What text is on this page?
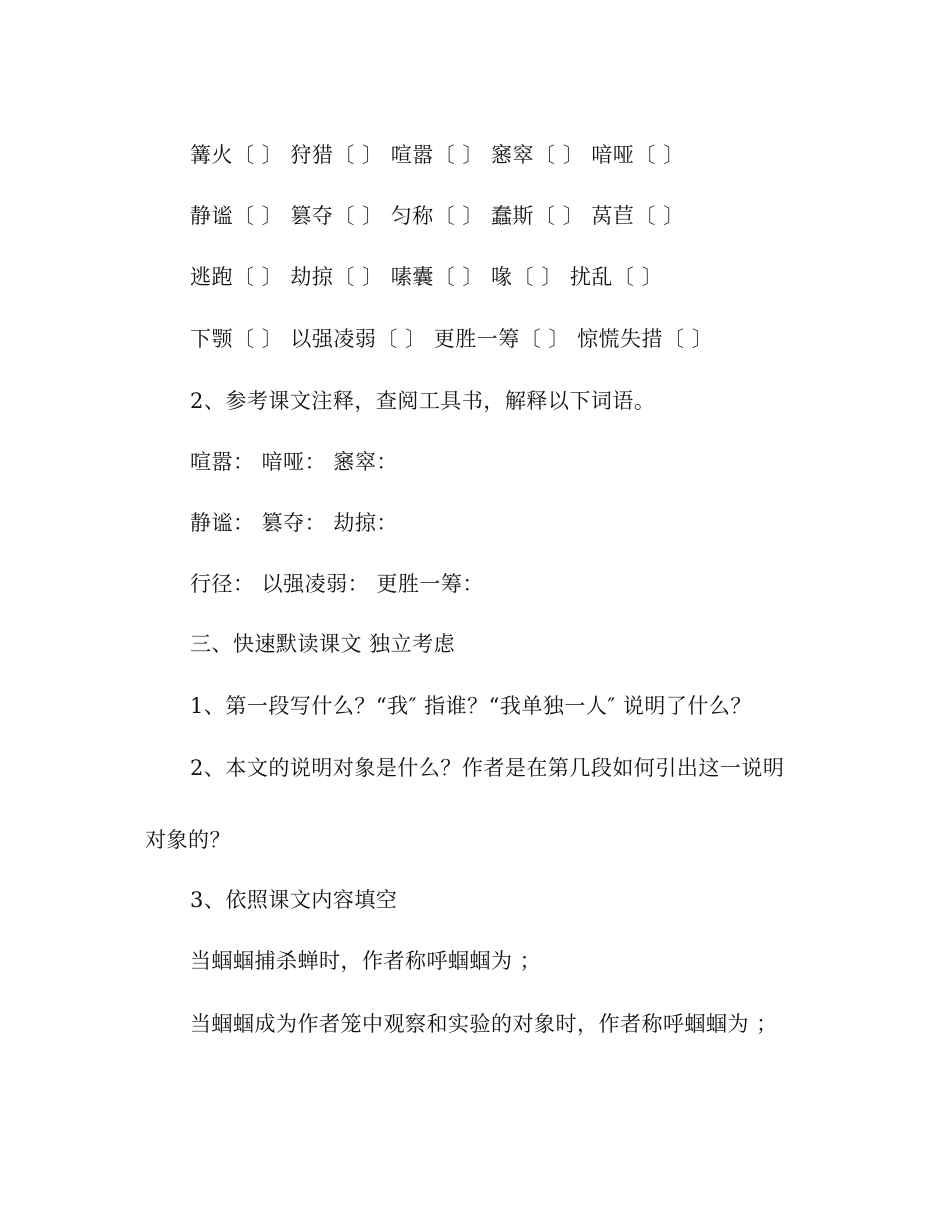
篝火〔 〕 狩猎〔 〕 喧嚣〔 〕 窸窣〔 〕 喑哑〔 〕
静谧〔 〕 篡夺〔 〕 匀称〔 〕 蠢斯〔 〕 莴苣〔 〕
逃跑〔 〕 劫掠〔 〕 嗉囊〔 〕 喙〔 〕 扰乱〔 〕
下颚〔 〕 以强凌弱〔 〕 更胜一筹〔 〕 惊慌失措〔 〕
2、参考课文注释，查阅工具书，解释以下词语。
喧嚣： 喑哑： 窸窣：
静谧： 篡夺： 劫掠：
行径： 以强凌弱： 更胜一筹：
三、快速默读课文 独立考虑
1、第一段写什么？“我″ 指谁？“我单独一人″ 说明了什么？
2、本文的说明对象是什么？作者是在第几段如何引出这一说明
对象的？
3、依照课文内容填空
当蝈蝈捕杀蝉时，作者称呼蝈蝈为 ；
当蝈蝈成为作者笼中观察和实验的对象时，作者称呼蝈蝈为 ；
